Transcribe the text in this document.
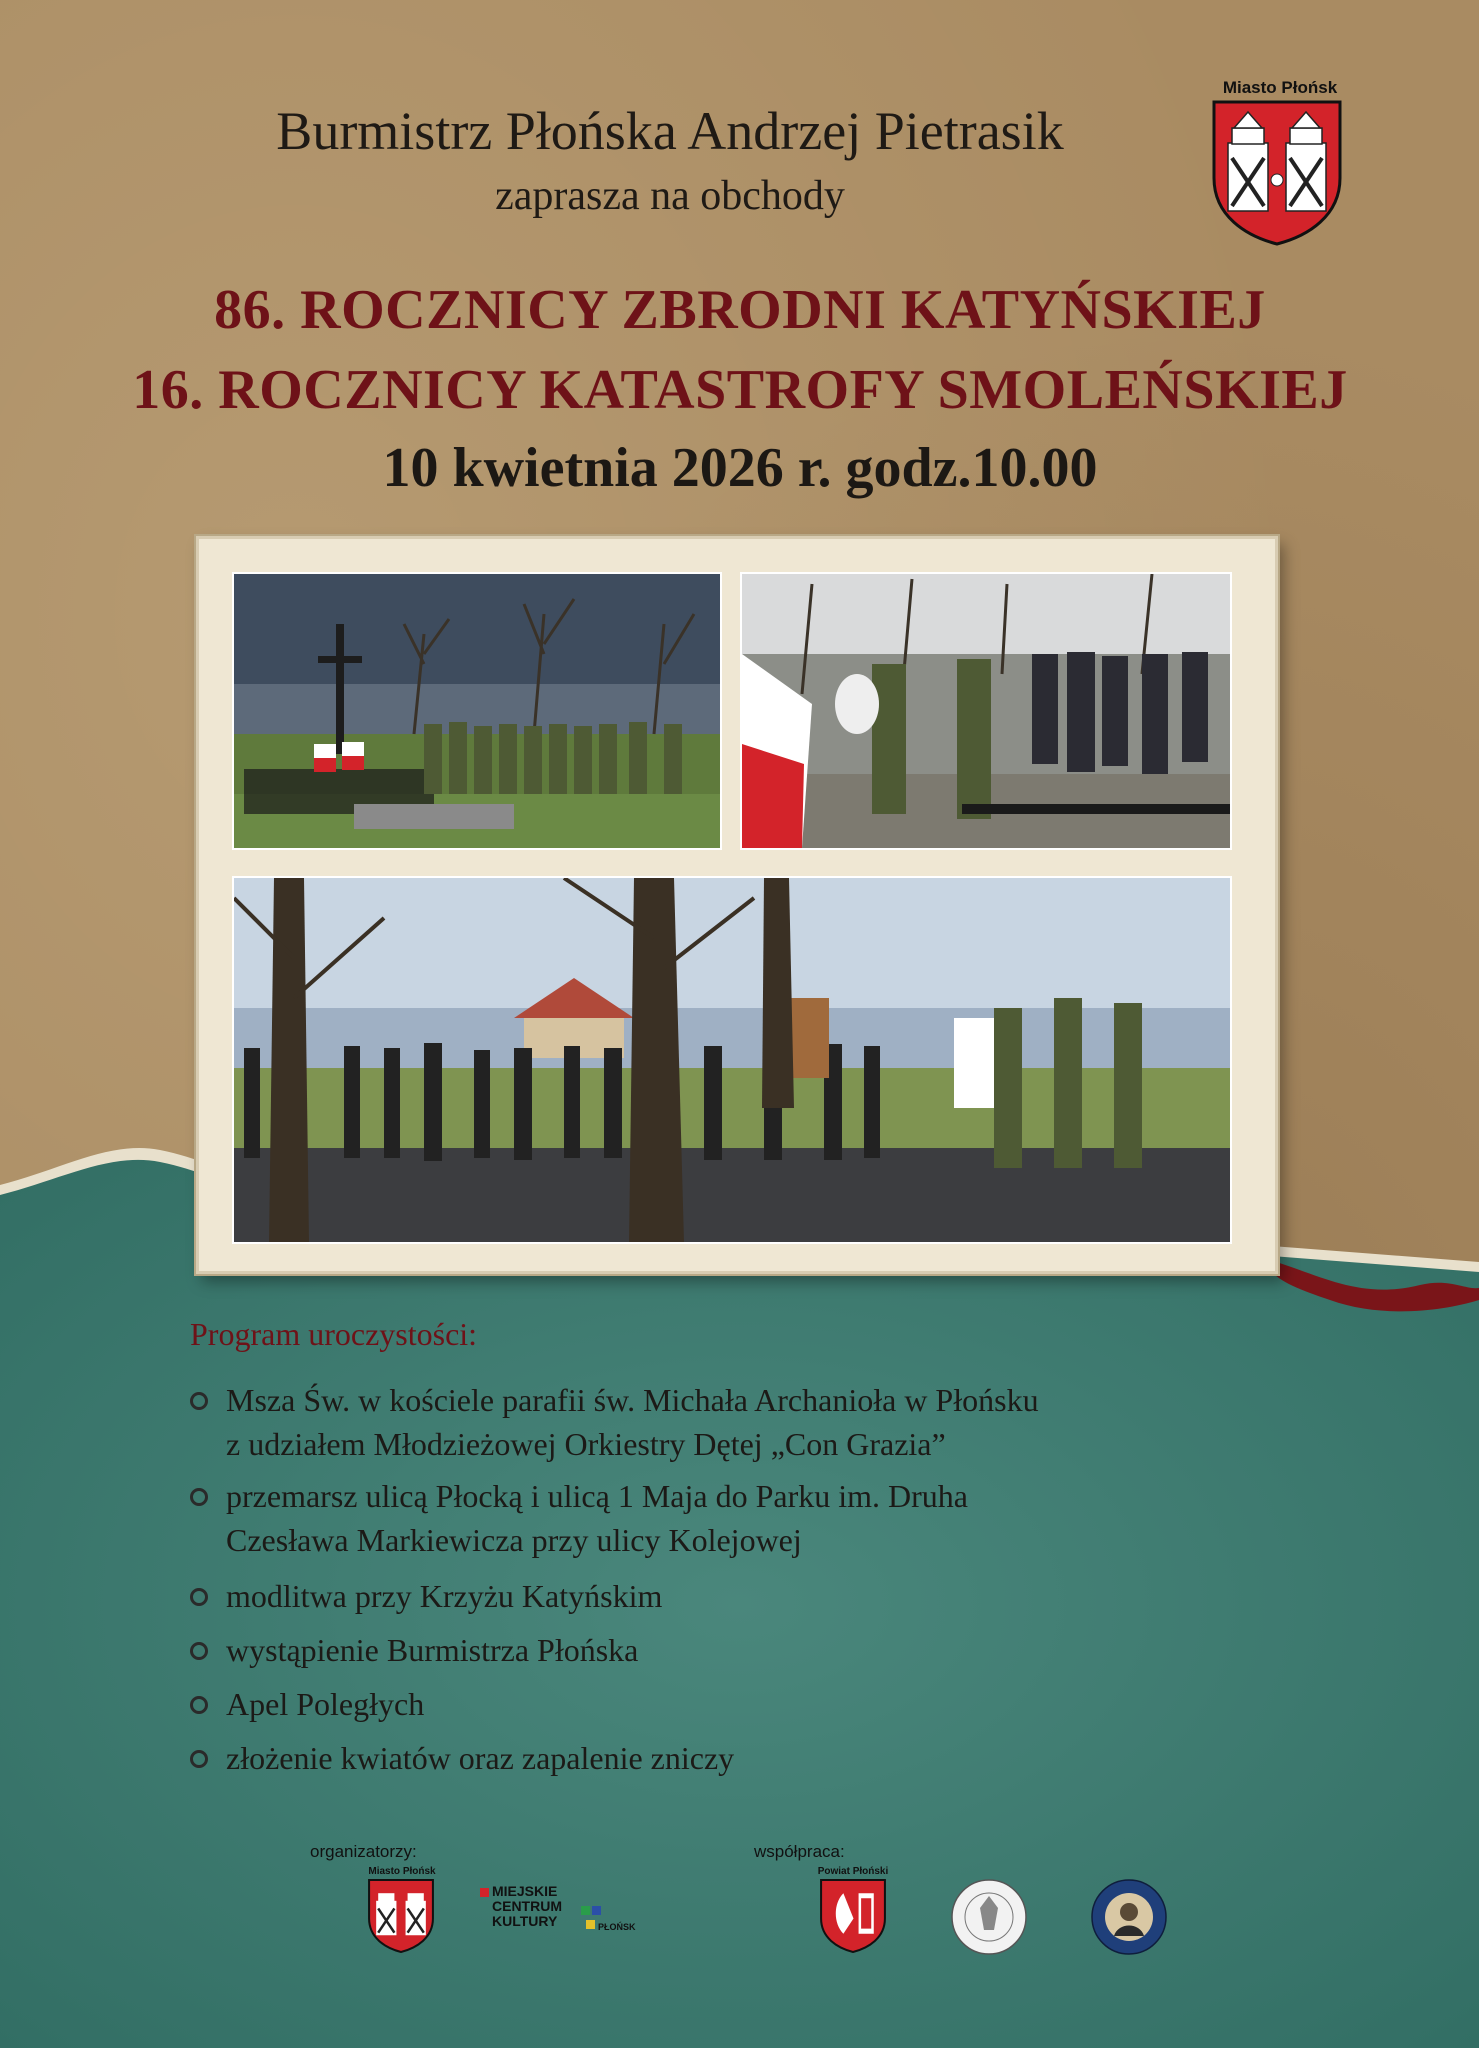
Burmistrz Płońska Andrzej Pietrasik
zaprasza na obchody
Miasto Płońsk
86. ROCZNICY ZBRODNI KATYŃSKIEJ
16. ROCZNICY KATASTROFY SMOLEŃSKIEJ
10 kwietnia 2026 r. godz.10.00
Program uroczystości:
Msza Św. w kościele parafii św. Michała Archanioła w Płońsku
z udziałem Młodzieżowej Orkiestry Dętej „Con Grazia”
przemarsz ulicą Płocką i ulicą 1 Maja do Parku im. Druha
Czesława Markiewicza przy ulicy Kolejowej
modlitwa przy Krzyżu Katyńskim
wystąpienie Burmistrza Płońska
Apel Poległych
złożenie kwiatów oraz zapalenie zniczy
organizatorzy:	współpraca:
Miasto Płońsk
MIEJSKIE
CENTRUM
KULTURY	PŁOŃSK
Powiat Płoński
